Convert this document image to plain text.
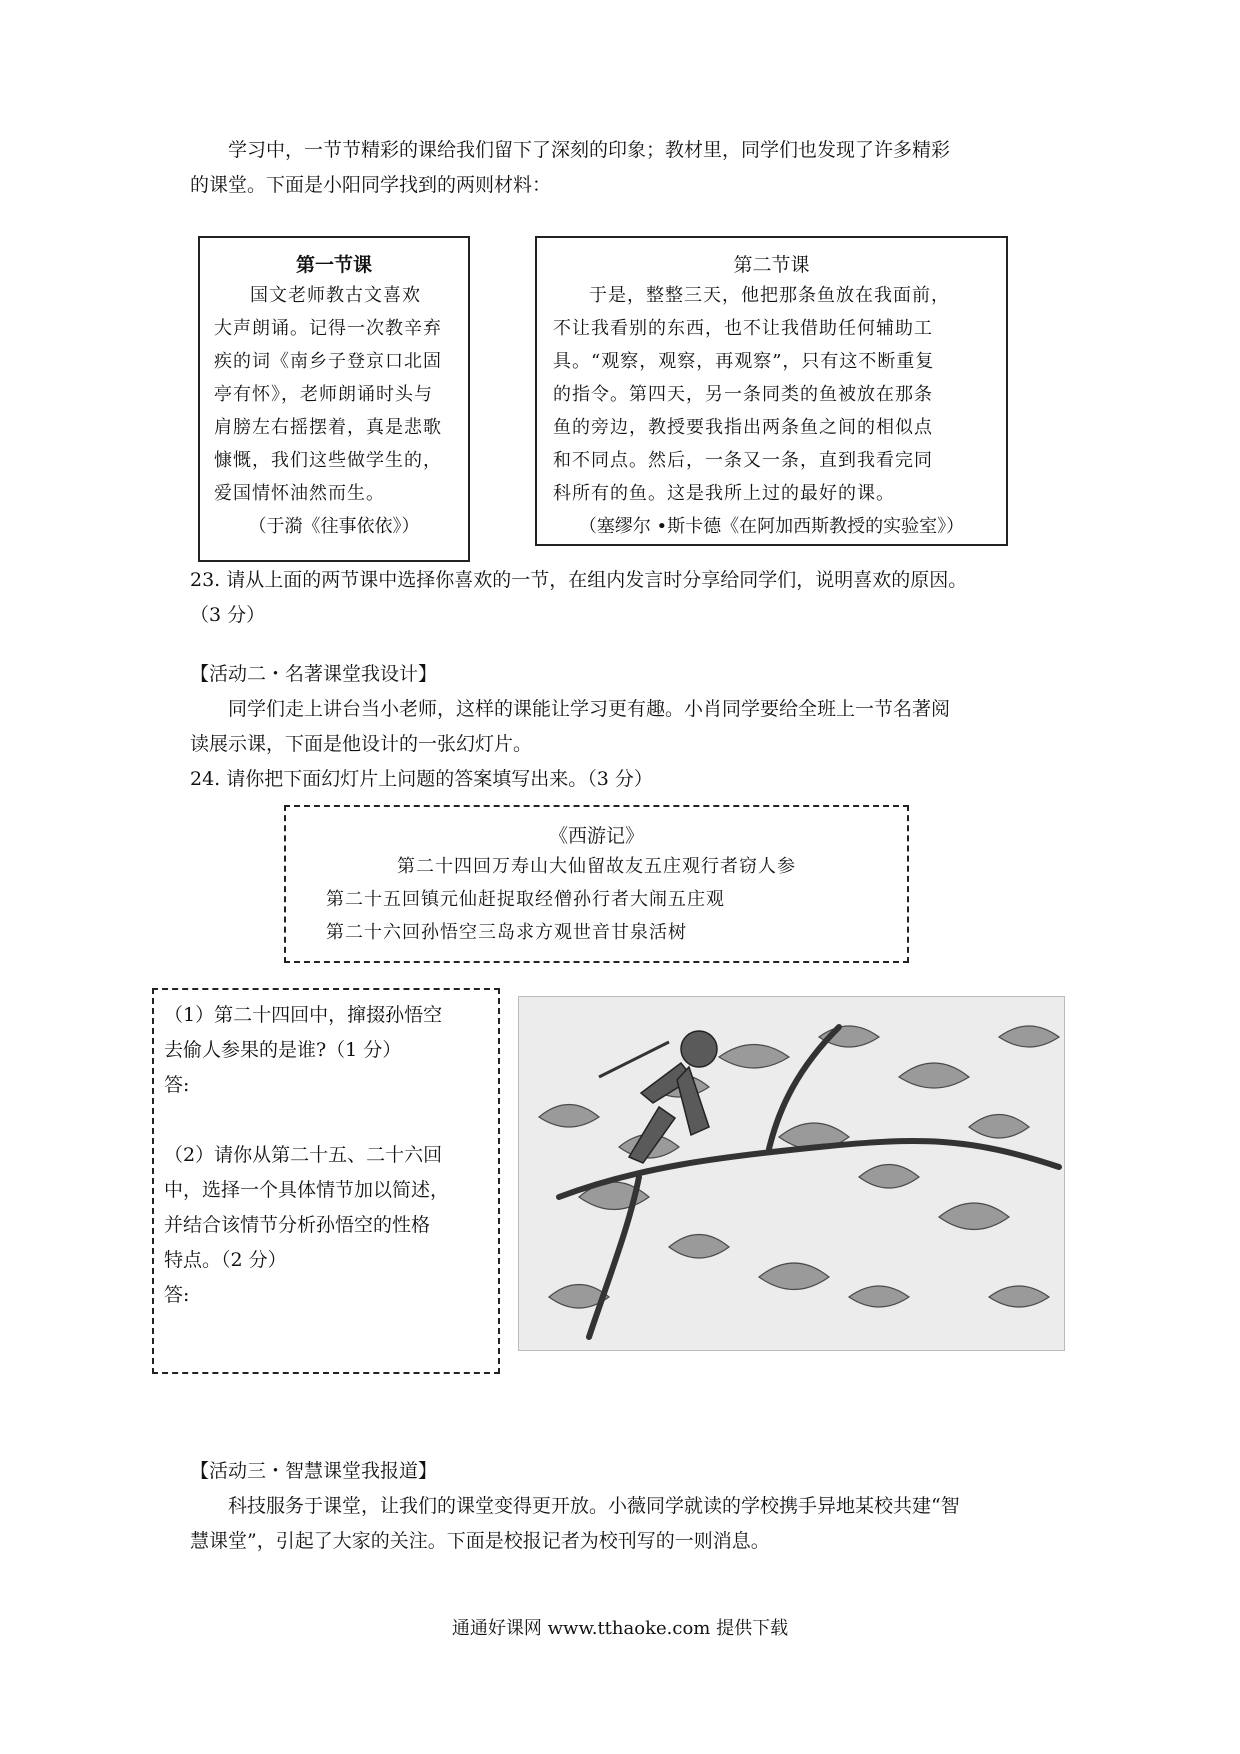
学习中，一节节精彩的课给我们留下了深刻的印象；教材里，同学们也发现了许多精彩
的课堂。下面是小阳同学找到的两则材料：
第一节课
国文老师教古文喜欢
大声朗诵。记得一次教辛弃
疾的词《南乡子登京口北固
亭有怀》，老师朗诵时头与
肩膀左右摇摆着，真是悲歌
慷慨，我们这些做学生的，
爱国情怀油然而生。
（于漪《往事依依》）
第二节课
于是，整整三天，他把那条鱼放在我面前，
不让我看别的东西，也不让我借助任何辅助工
具。“观察，观察，再观察”，只有这不断重复
的指令。第四天，另一条同类的鱼被放在那条
鱼的旁边，教授要我指出两条鱼之间的相似点
和不同点。然后，一条又一条，直到我看完同
科所有的鱼。这是我所上过的最好的课。
（塞缪尔 •斯卡德《在阿加西斯教授的实验室》）
23. 请从上面的两节课中选择你喜欢的一节，在组内发言时分享给同学们，说明喜欢的原因。
（3 分）
【活动二・名著课堂我设计】
同学们走上讲台当小老师，这样的课能让学习更有趣。小肖同学要给全班上一节名著阅
读展示课，下面是他设计的一张幻灯片。
24. 请你把下面幻灯片上问题的答案填写出来。（3 分）
《西游记》
第二十四回万寿山大仙留故友五庄观行者窃人参
第二十五回镇元仙赶捉取经僧孙行者大闹五庄观
第二十六回孙悟空三岛求方观世音甘泉活树
（1）第二十四回中，撺掇孙悟空
去偷人参果的是谁?（1 分）
答:
（2）请你从第二十五、二十六回
中，选择一个具体情节加以简述，
并结合该情节分析孙悟空的性格
特点。（2 分）
答:
【活动三・智慧课堂我报道】
科技服务于课堂，让我们的课堂变得更开放。小薇同学就读的学校携手异地某校共建“智
慧课堂”，引起了大家的关注。下面是校报记者为校刊写的一则消息。
通通好课网 www.tthaoke.com 提供下载
